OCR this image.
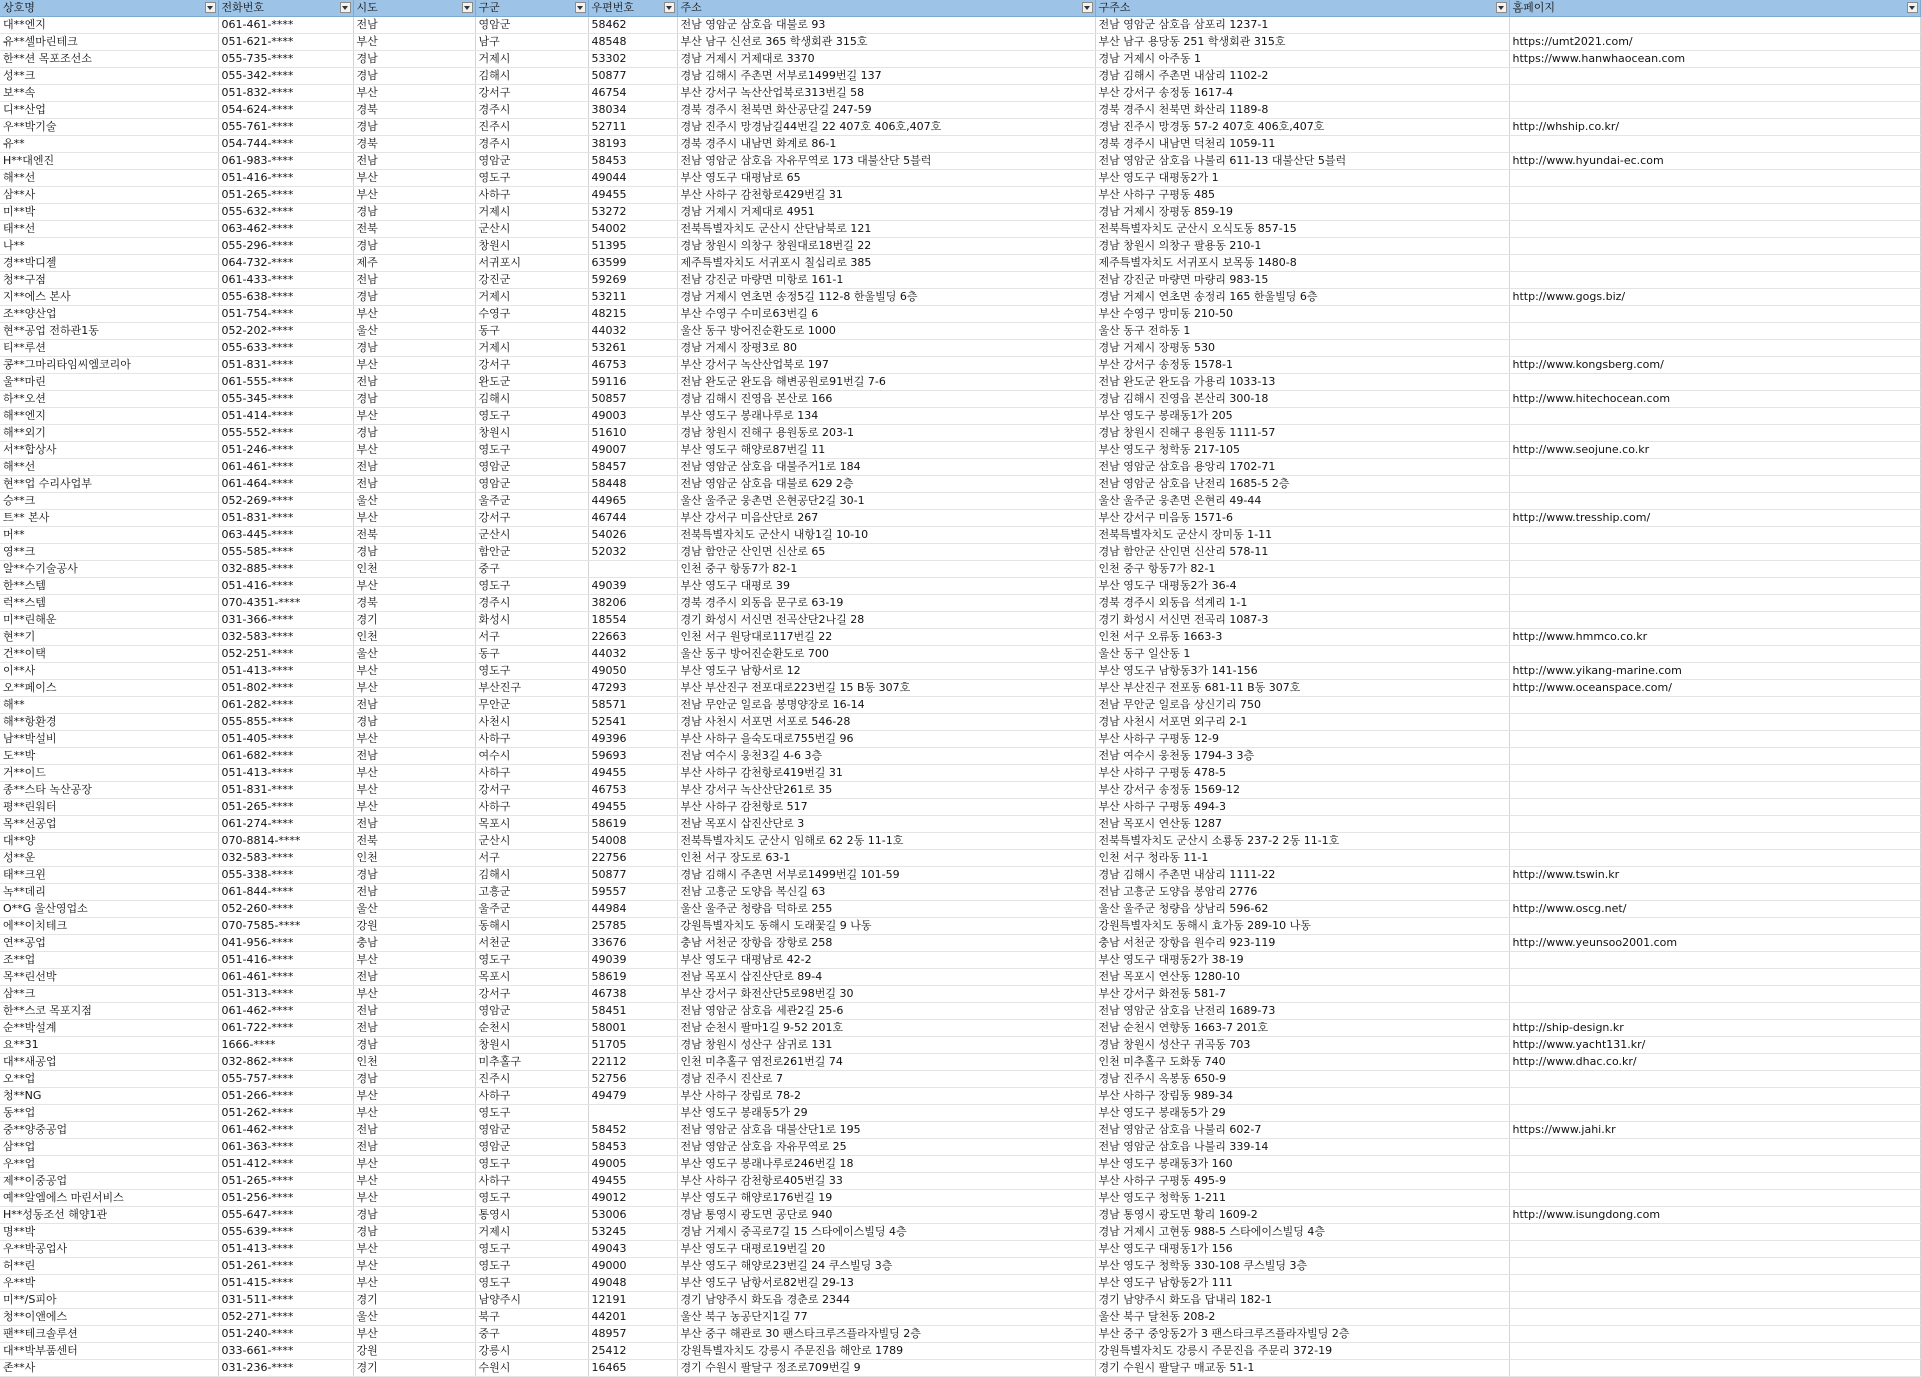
상호명	전화번호	시도	구군	우편번호	주소	구주소	홈페이지

대**엔지	061-461-****	전남	영암군	58462	전남 영암군 삼호읍 대불로 93	전남 영암군 삼호읍 삼포리 1237-1	
유**셀마린테크	051-621-****	부산	남구	48548	부산 남구 신선로 365 학생회관 315호	부산 남구 용당동 251 학생회관 315호	https://umt2021.com/
한**션 목포조선소	055-735-****	경남	거제시	53302	경남 거제시 거제대로 3370	경남 거제시 아주동 1	https://www.hanwhaocean.com
성**크	055-342-****	경남	김해시	50877	경남 김해시 주촌면 서부로1499번길 137	경남 김해시 주촌면 내삼리 1102-2	
보**속	051-832-****	부산	강서구	46754	부산 강서구 녹산산업북로313번길 58	부산 강서구 송정동 1617-4	
디**산업	054-624-****	경북	경주시	38034	경북 경주시 천북면 화산공단길 247-59	경북 경주시 천북면 화산리 1189-8	
우**박기술	055-761-****	경남	진주시	52711	경남 진주시 망경남길44번길 22 407호 406호,407호	경남 진주시 망경동 57-2 407호 406호,407호	http://whship.co.kr/
유**	054-744-****	경북	경주시	38193	경북 경주시 내남면 화계로 86-1	경북 경주시 내남면 덕천리 1059-11	
H**대엔진	061-983-****	전남	영암군	58453	전남 영암군 삼호읍 자유무역로 173 대불산단 5블럭	전남 영암군 삼호읍 나불리 611-13 대불산단 5블럭	http://www.hyundai-ec.com
해**선	051-416-****	부산	영도구	49044	부산 영도구 대평남로 65	부산 영도구 대평동2가 1	
삼**사	051-265-****	부산	사하구	49455	부산 사하구 감천항로429번길 31	부산 사하구 구평동 485	
미**박	055-632-****	경남	거제시	53272	경남 거제시 거제대로 4951	경남 거제시 장평동 859-19	
태**선	063-462-****	전북	군산시	54002	전북특별자치도 군산시 산단남북로 121	전북특별자치도 군산시 오식도동 857-15	
나**	055-296-****	경남	창원시	51395	경남 창원시 의창구 창원대로18번길 22	경남 창원시 의창구 팔용동 210-1	
경**박디젤	064-732-****	제주	서귀포시	63599	제주특별자치도 서귀포시 칠십리로 385	제주특별자치도 서귀포시 보목동 1480-8	
청**구점	061-433-****	전남	강진군	59269	전남 강진군 마량면 미항로 161-1	전남 강진군 마량면 마량리 983-15	
지**에스 본사	055-638-****	경남	거제시	53211	경남 거제시 연초면 송정5길 112-8 한울빌딩 6층	경남 거제시 연초면 송정리 165 한울빌딩 6층	http://www.gogs.biz/
조**양산업	051-754-****	부산	수영구	48215	부산 수영구 수미로63번길 6	부산 수영구 망미동 210-50	
현**공업 전하관1동	052-202-****	울산	동구	44032	울산 동구 방어진순환도로 1000	울산 동구 전하동 1	
티**루션	055-633-****	경남	거제시	53261	경남 거제시 장평3로 80	경남 거제시 장평동 530	
콩**그마리타임씨엠코리아	051-831-****	부산	강서구	46753	부산 강서구 녹산산업북로 197	부산 강서구 송정동 1578-1	http://www.kongsberg.com/
울**마린	061-555-****	전남	완도군	59116	전남 완도군 완도읍 해변공원로91번길 7-6	전남 완도군 완도읍 가용리 1033-13	
하**오션	055-345-****	경남	김해시	50857	경남 김해시 진영읍 본산로 166	경남 김해시 진영읍 본산리 300-18	http://www.hitechocean.com
해**엔지	051-414-****	부산	영도구	49003	부산 영도구 봉래나루로 134	부산 영도구 봉래동1가 205	
해**외기	055-552-****	경남	창원시	51610	경남 창원시 진해구 용원동로 203-1	경남 창원시 진해구 용원동 1111-57	
서**합상사	051-246-****	부산	영도구	49007	부산 영도구 해양로87번길 11	부산 영도구 청학동 217-105	http://www.seojune.co.kr
해**선	061-461-****	전남	영암군	58457	전남 영암군 삼호읍 대불주거1로 184	전남 영암군 삼호읍 용앙리 1702-71	
현**업 수리사업부	061-464-****	전남	영암군	58448	전남 영암군 삼호읍 대불로 629 2층	전남 영암군 삼호읍 난전리 1685-5 2층	
승**크	052-269-****	울산	울주군	44965	울산 울주군 웅촌면 은현공단2길 30-1	울산 울주군 웅촌면 은현리 49-44	
트** 본사	051-831-****	부산	강서구	46744	부산 강서구 미음산단로 267	부산 강서구 미음동 1571-6	http://www.tresship.com/
머**	063-445-****	전북	군산시	54026	전북특별자치도 군산시 내항1길 10-10	전북특별자치도 군산시 장미동 1-11	
영**크	055-585-****	경남	함안군	52032	경남 함안군 산인면 신산로 65	경남 함안군 산인면 신산리 578-11	
알**수기술공사	032-885-****	인천	중구		인천 중구 항동7가 82-1	인천 중구 항동7가 82-1	
한**스템	051-416-****	부산	영도구	49039	부산 영도구 대평로 39	부산 영도구 대평동2가 36-4	
럭**스템	070-4351-****	경북	경주시	38206	경북 경주시 외동읍 문구로 63-19	경북 경주시 외동읍 석계리 1-1	
미**린해운	031-366-****	경기	화성시	18554	경기 화성시 서신면 전곡산단2나길 28	경기 화성시 서신면 전곡리 1087-3	
현**기	032-583-****	인천	서구	22663	인천 서구 원당대로117번길 22	인천 서구 오류동 1663-3	http://www.hmmco.co.kr
건**이택	052-251-****	울산	동구	44032	울산 동구 방어진순환도로 700	울산 동구 일산동 1	
이**사	051-413-****	부산	영도구	49050	부산 영도구 남항서로 12	부산 영도구 남항동3가 141-156	http://www.yikang-marine.com
오**페이스	051-802-****	부산	부산진구	47293	부산 부산진구 전포대로223번길 15 B동 307호	부산 부산진구 전포동 681-11 B동 307호	http://www.oceanspace.com/
해**	061-282-****	전남	무안군	58571	전남 무안군 일로읍 봉명양장로 16-14	전남 무안군 일로읍 상신기리 750	
해**항환경	055-855-****	경남	사천시	52541	경남 사천시 서포면 서포로 546-28	경남 사천시 서포면 외구리 2-1	
남**박설비	051-405-****	부산	사하구	49396	부산 사하구 을숙도대로755번길 96	부산 사하구 구평동 12-9	
도**박	061-682-****	전남	여수시	59693	전남 여수시 웅천3길 4-6 3층	전남 여수시 웅천동 1794-3 3층	
거**이드	051-413-****	부산	사하구	49455	부산 사하구 감천항로419번길 31	부산 사하구 구평동 478-5	
종**스타 녹산공장	051-831-****	부산	강서구	46753	부산 강서구 녹산산단261로 35	부산 강서구 송정동 1569-12	
평**린워터	051-265-****	부산	사하구	49455	부산 사하구 감천항로 517	부산 사하구 구평동 494-3	
목**선공업	061-274-****	전남	목포시	58619	전남 목포시 삽진산단로 3	전남 목포시 연산동 1287	
대**양	070-8814-****	전북	군산시	54008	전북특별자치도 군산시 임해로 62 2동 11-1호	전북특별자치도 군산시 소룡동 237-2 2동 11-1호	
성**운	032-583-****	인천	서구	22756	인천 서구 장도로 63-1	인천 서구 청라동 11-1	
태**크윈	055-338-****	경남	김해시	50877	경남 김해시 주촌면 서부로1499번길 101-59	경남 김해시 주촌면 내삼리 1111-22	http://www.tswin.kr
녹**데리	061-844-****	전남	고흥군	59557	전남 고흥군 도양읍 복신길 63	전남 고흥군 도양읍 봉암리 2776	
O**G 울산영업소	052-260-****	울산	울주군	44984	울산 울주군 청량읍 덕하로 255	울산 울주군 청량읍 상남리 596-62	http://www.oscg.net/
에**이치테크	070-7585-****	강원	동해시	25785	강원특별자치도 동해시 도래꽃길 9 나동	강원특별자치도 동해시 효가동 289-10 나동	
연**공업	041-956-****	충남	서천군	33676	충남 서천군 장항읍 장항로 258	충남 서천군 장항읍 원수리 923-119	http://www.yeunsoo2001.com
조**업	051-416-****	부산	영도구	49039	부산 영도구 대평남로 42-2	부산 영도구 대평동2가 38-19	
목**린선박	061-461-****	전남	목포시	58619	전남 목포시 삽진산단로 89-4	전남 목포시 연산동 1280-10	
삼**크	051-313-****	부산	강서구	46738	부산 강서구 화전산단5로98번길 30	부산 강서구 화전동 581-7	
한**스코 목포지점	061-462-****	전남	영암군	58451	전남 영암군 삼호읍 세관2길 25-6	전남 영암군 삼호읍 난전리 1689-73	
순**박설계	061-722-****	전남	순천시	58001	전남 순천시 팔마1길 9-52 201호	전남 순천시 연향동 1663-7 201호	http://ship-design.kr
요**31	1666-****	경남	창원시	51705	경남 창원시 성산구 삼귀로 131	경남 창원시 성산구 귀곡동 703	http://www.yacht131.kr/
대**새공업	032-862-****	인천	미추홀구	22112	인천 미추홀구 염전로261번길 74	인천 미추홀구 도화동 740	http://www.dhac.co.kr/
오**업	055-757-****	경남	진주시	52756	경남 진주시 진산로 7	경남 진주시 옥봉동 650-9	
청**NG	051-266-****	부산	사하구	49479	부산 사하구 장림로 78-2	부산 사하구 장림동 989-34	
동**업	051-262-****	부산	영도구		부산 영도구 봉래동5가 29	부산 영도구 봉래동5가 29	
중**양중공업	061-462-****	전남	영암군	58452	전남 영암군 삼호읍 대불산단1로 195	전남 영암군 삼호읍 나불리 602-7	https://www.jahi.kr
삼**업	061-363-****	전남	영암군	58453	전남 영암군 삼호읍 자유무역로 25	전남 영암군 삼호읍 나불리 339-14	
우**업	051-412-****	부산	영도구	49005	부산 영도구 봉래나루로246번길 18	부산 영도구 봉래동3가 160	
제**이중공업	051-265-****	부산	사하구	49455	부산 사하구 감천항로405번길 33	부산 사하구 구평동 495-9	
예**알엠에스 마린서비스	051-256-****	부산	영도구	49012	부산 영도구 해양로176번길 19	부산 영도구 청학동 1-211	
H**성동조선 해양1관	055-647-****	경남	통영시	53006	경남 통영시 광도면 공단로 940	경남 통영시 광도면 황리 1609-2	http://www.isungdong.com
명**박	055-639-****	경남	거제시	53245	경남 거제시 중곡로7길 15 스타에이스빌딩 4층	경남 거제시 고현동 988-5 스타에이스빌딩 4층	
우**박공업사	051-413-****	부산	영도구	49043	부산 영도구 대평로19번길 20	부산 영도구 대평동1가 156	
허**린	051-261-****	부산	영도구	49000	부산 영도구 해양로23번길 24 쿠스빌딩 3층	부산 영도구 청학동 330-108 쿠스빌딩 3층	
우**박	051-415-****	부산	영도구	49048	부산 영도구 남항서로82번길 29-13	부산 영도구 남항동2가 111	
미**/S피아	031-511-****	경기	남양주시	12191	경기 남양주시 화도읍 경춘로 2344	경기 남양주시 화도읍 답내리 182-1	
청**이앤에스	052-271-****	울산	북구	44201	울산 북구 농공단지1길 77	울산 북구 달천동 208-2	
팬**테크솔루션	051-240-****	부산	중구	48957	부산 중구 해관로 30 팬스타크루즈플라자빌딩 2층	부산 중구 중앙동2가 3 팬스타크루즈플라자빌딩 2층	
대**박부품센터	033-661-****	강원	강릉시	25412	강원특별자치도 강릉시 주문진읍 해안로 1789	강원특별자치도 강릉시 주문진읍 주문리 372-19	
존**사	031-236-****	경기	수원시	16465	경기 수원시 팔달구 정조로709번길 9	경기 수원시 팔달구 매교동 51-1	
